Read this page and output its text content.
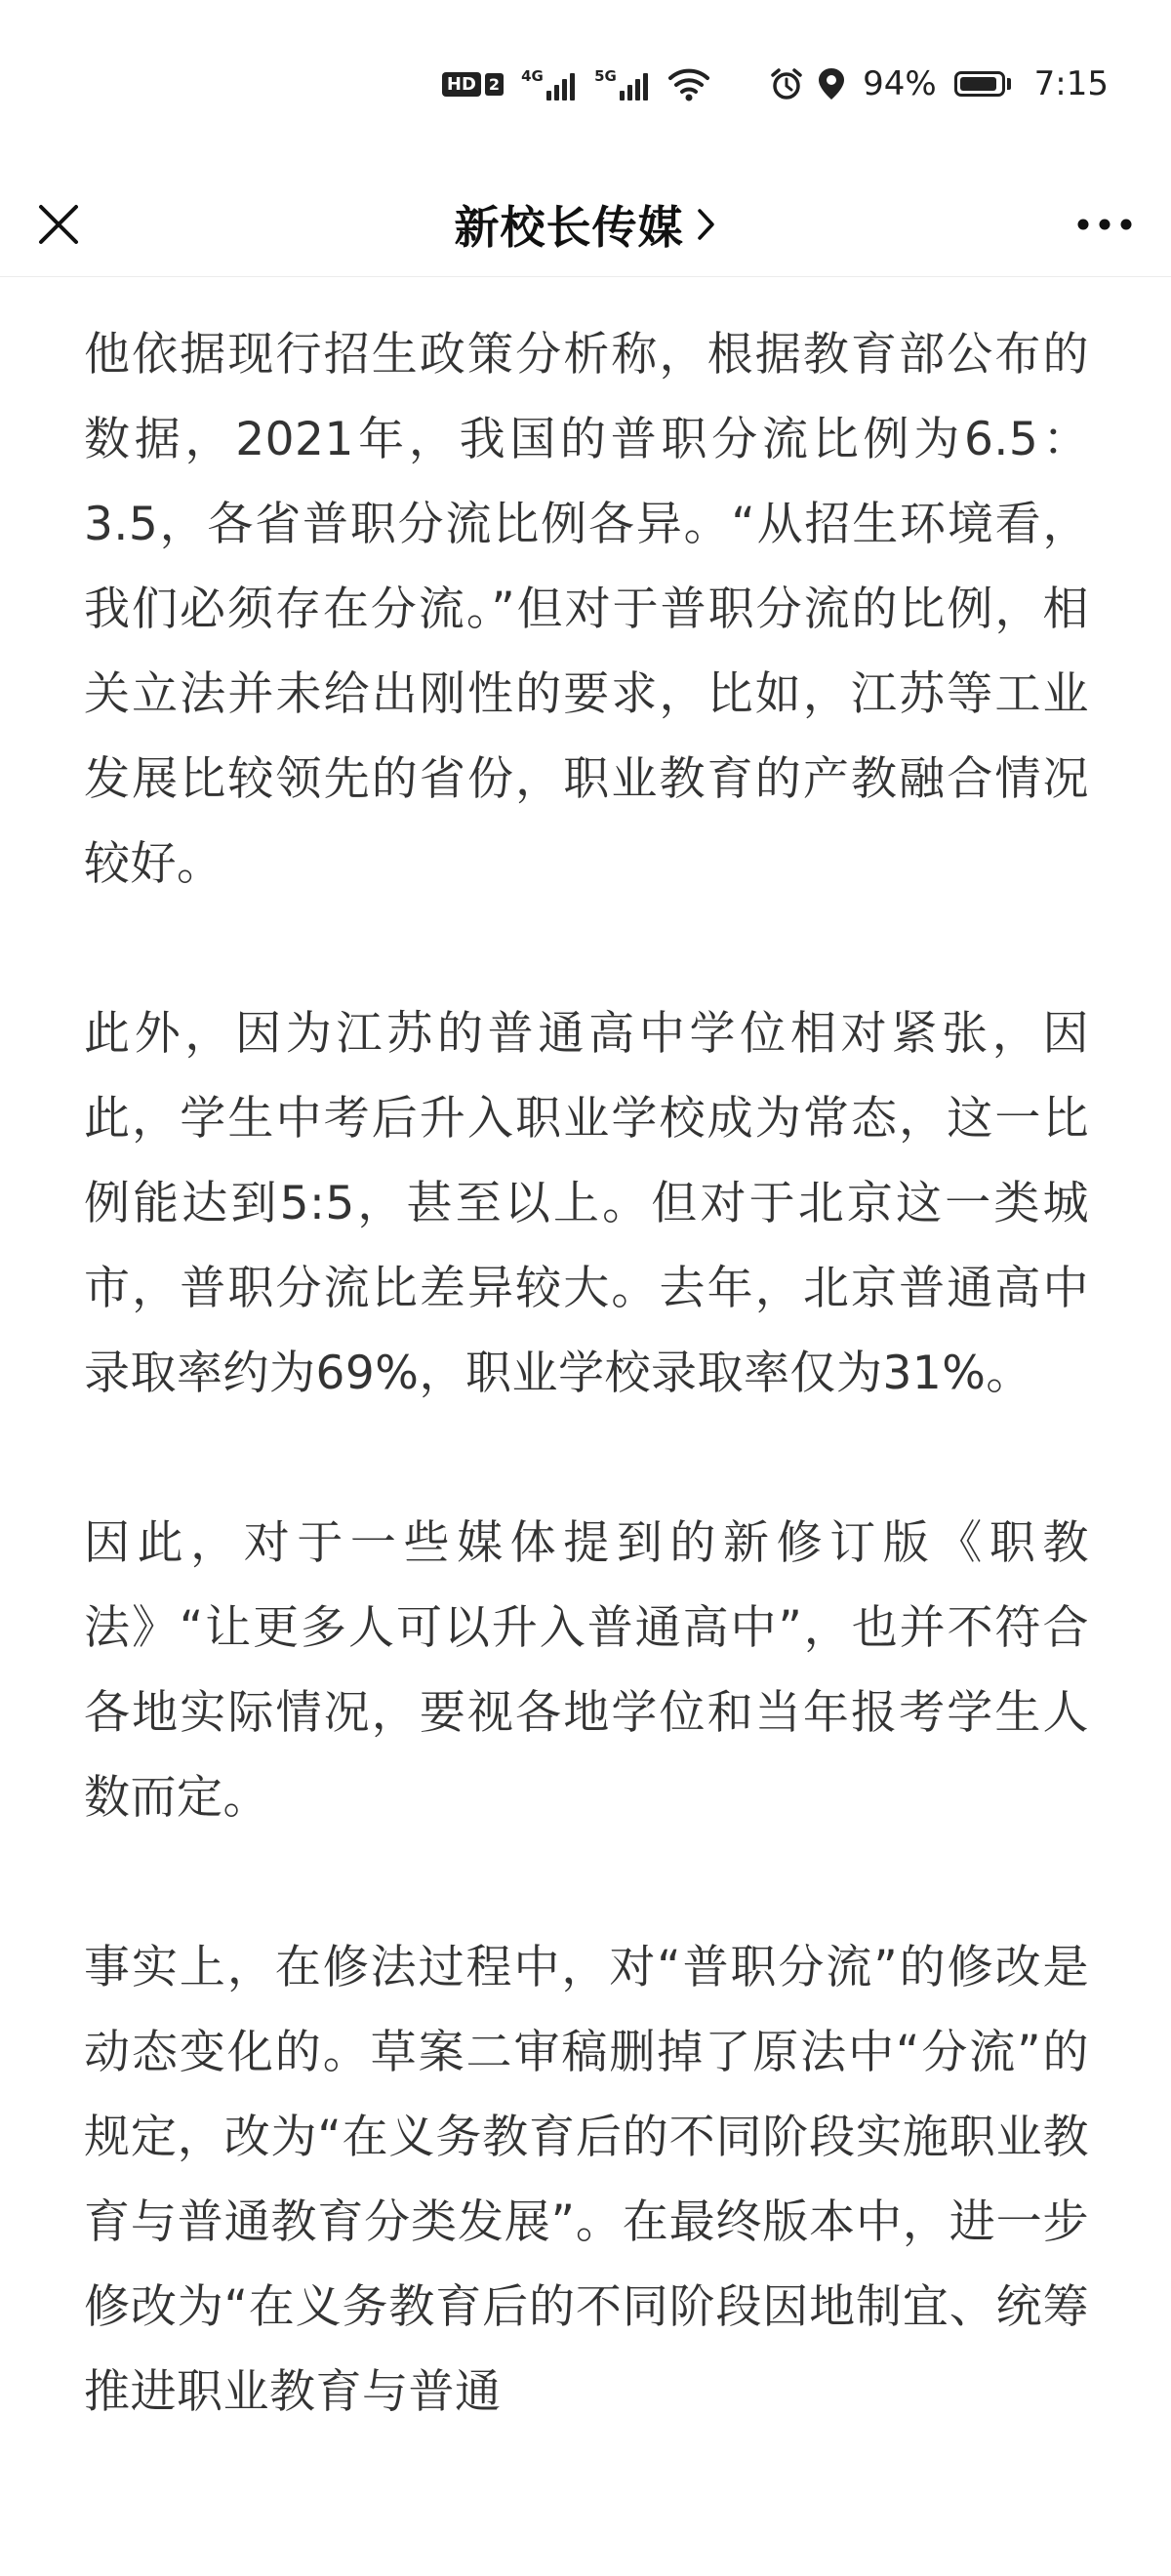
HD 2 4G	5G	94%	7:15
新校长传媒

他依据现行招生政策分析称，根据教育部公布的数据，2021年，我国的普职分流比例为6.5：3.5，各省普职分流比例各异。“从招生环境看，我们必须存在分流。”但对于普职分流的比例，相关立法并未给出刚性的要求，比如，江苏等工业发展比较领先的省份，职业教育的产教融合情况较好。

此外，因为江苏的普通高中学位相对紧张，因此，学生中考后升入职业学校成为常态，这一比例能达到5:5，甚至以上。但对于北京这一类城市，普职分流比差异较大。去年，北京普通高中录取率约为69%，职业学校录取率仅为31%。

因此，对于一些媒体提到的新修订版《职教法》“让更多人可以升入普通高中”，也并不符合各地实际情况，要视各地学位和当年报考学生人数而定。

事实上，在修法过程中，对“普职分流”的修改是动态变化的。草案二审稿删掉了原法中“分流”的规定，改为“在义务教育后的不同阶段实施职业教育与普通教育分类发展”。在最终版本中，进一步修改为“在义务教育后的不同阶段因地制宜、统筹推进职业教育与普通
